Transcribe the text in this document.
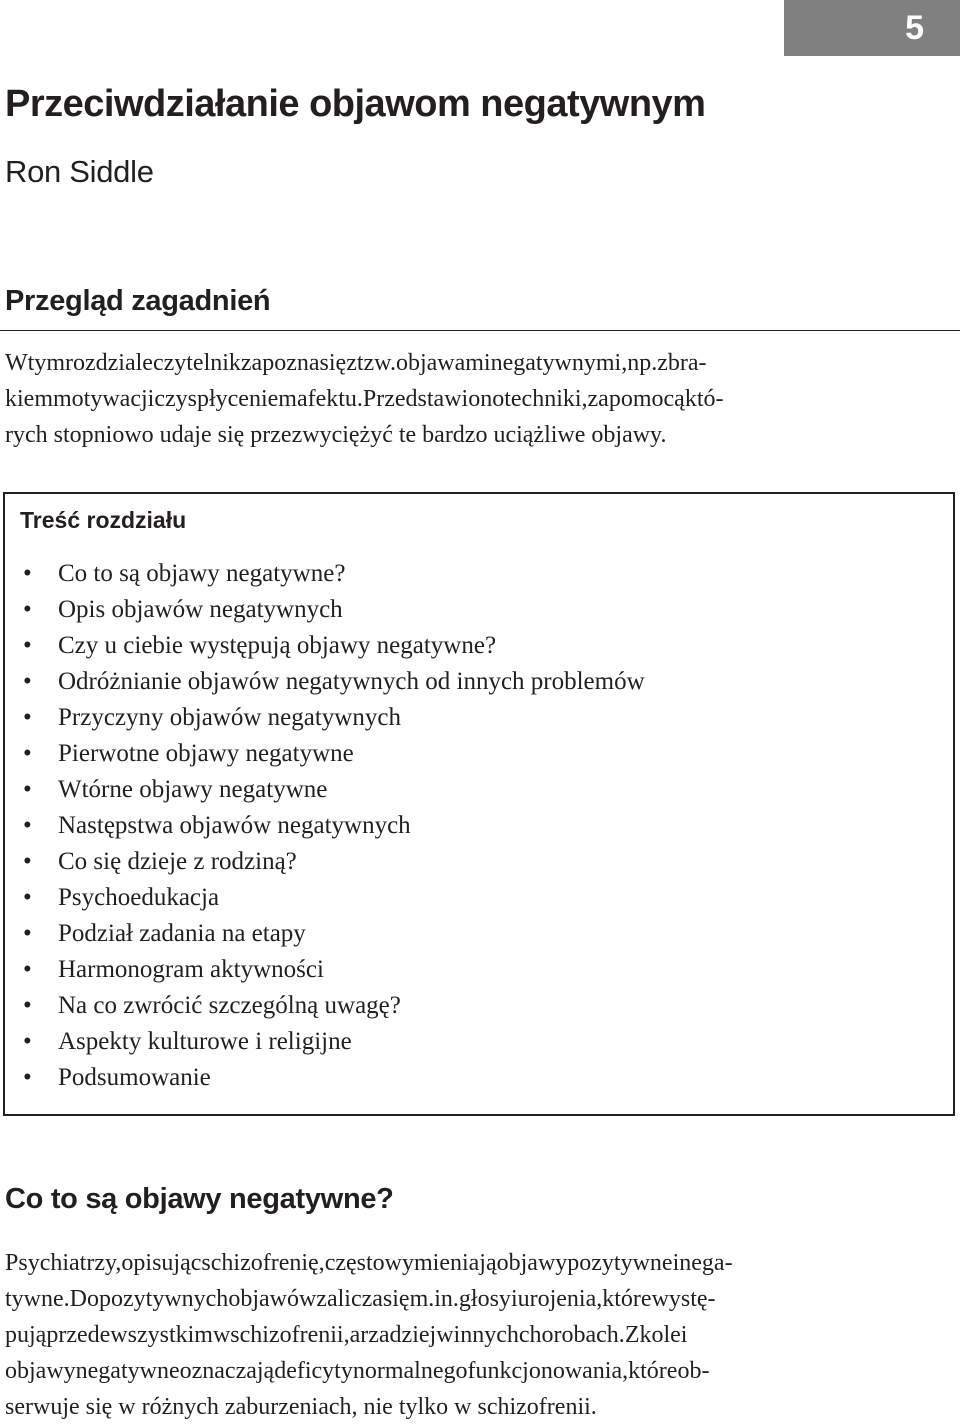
5
Przeciwdziałanie objawom negatywnym
Ron Siddle
Przegląd zagadnień
Wtymrozdzialeczytelnikzapoznasięztzw.objawaminegatywnymi,np.zbra-
kiemmotywacjiczyspłyceniemafektu.Przedstawionotechniki,zapomocąktó-
rych stopniowo udaje się przezwyciężyć te bardzo uciążliwe objawy.
Treść rozdziału
• Co to są objawy negatywne?
• Opis objawów negatywnych
• Czy u ciebie występują objawy negatywne?
• Odróżnianie objawów negatywnych od innych problemów
• Przyczyny objawów negatywnych
• Pierwotne objawy negatywne
• Wtórne objawy negatywne
• Następstwa objawów negatywnych
• Co się dzieje z rodziną?
• Psychoedukacja
• Podział zadania na etapy
• Harmonogram aktywności
• Na co zwrócić szczególną uwagę?
• Aspekty kulturowe i religijne
• Podsumowanie
Co to są objawy negatywne?
Psychiatrzy,opisującschizofrenię,częstowymieniająobjawypozytywneinega-
tywne.Dopozytywnychobjawówzaliczasięm.in.głosyiurojenia,którewystę-
pująprzedewszystkimwschizofrenii,arzadziejwinnychchorobach.Zkolei
objawynegatywneoznaczajądeficytynormalnegofunkcjonowania,któreob-
serwuje się w różnych zaburzeniach, nie tylko w schizofrenii.
